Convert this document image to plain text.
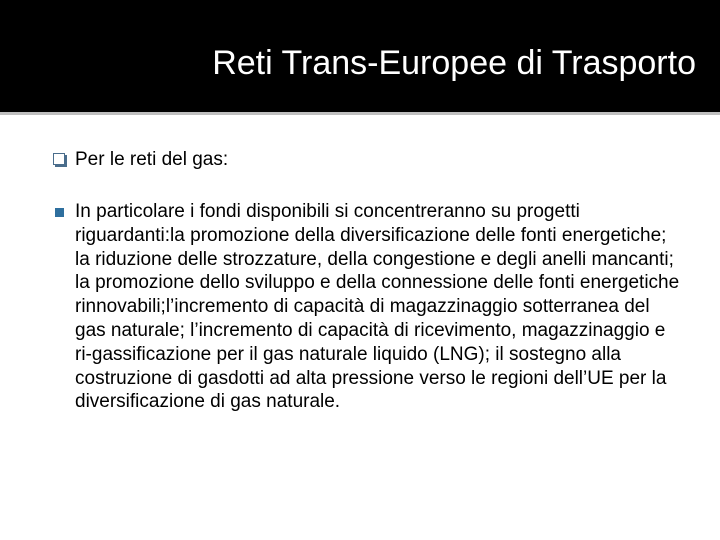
Reti Trans-Europee di Trasporto
Per le reti del gas:
In particolare i fondi disponibili si concentreranno su progetti riguardanti:la promozione della diversificazione delle fonti energetiche; la riduzione delle strozzature, della congestione e degli anelli mancanti; la promozione dello sviluppo e della connessione delle fonti energetiche rinnovabili;l’incremento di capacità di magazzinaggio sotterranea del gas naturale; l’incremento di capacità di ricevimento, magazzinaggio e ri-gassificazione per il gas naturale liquido (LNG); il sostegno alla costruzione di gasdotti ad alta pressione verso le regioni dell’UE per la diversificazione di gas naturale.
